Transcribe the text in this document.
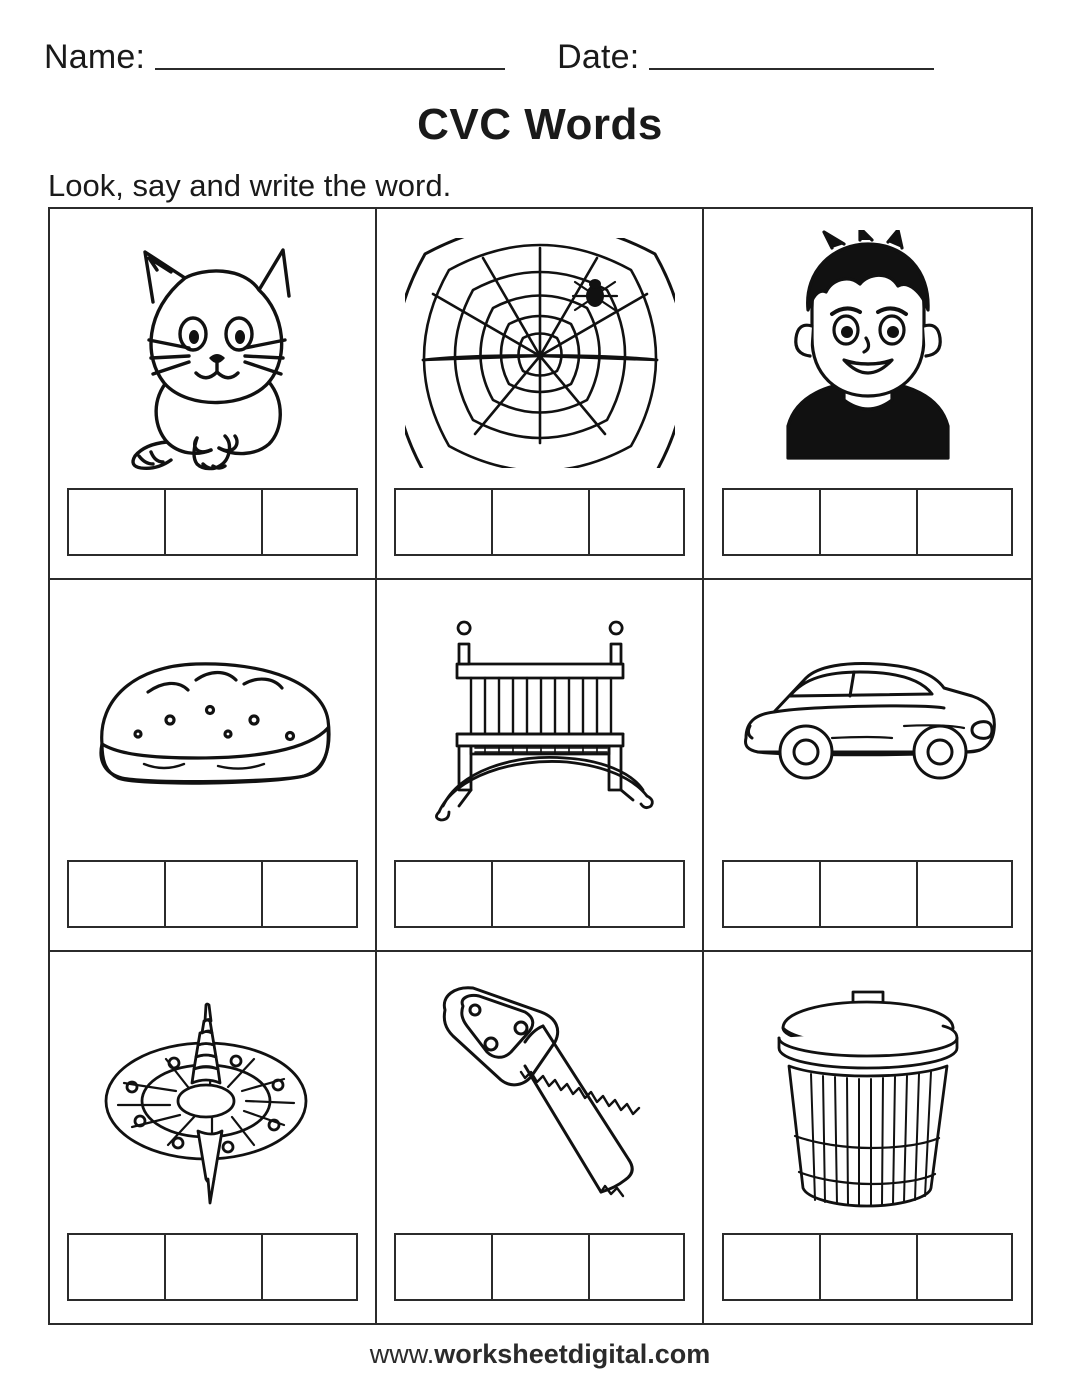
Name:	Date:
CVC Words
Look, say and write the word.
www.worksheetdigital.com
